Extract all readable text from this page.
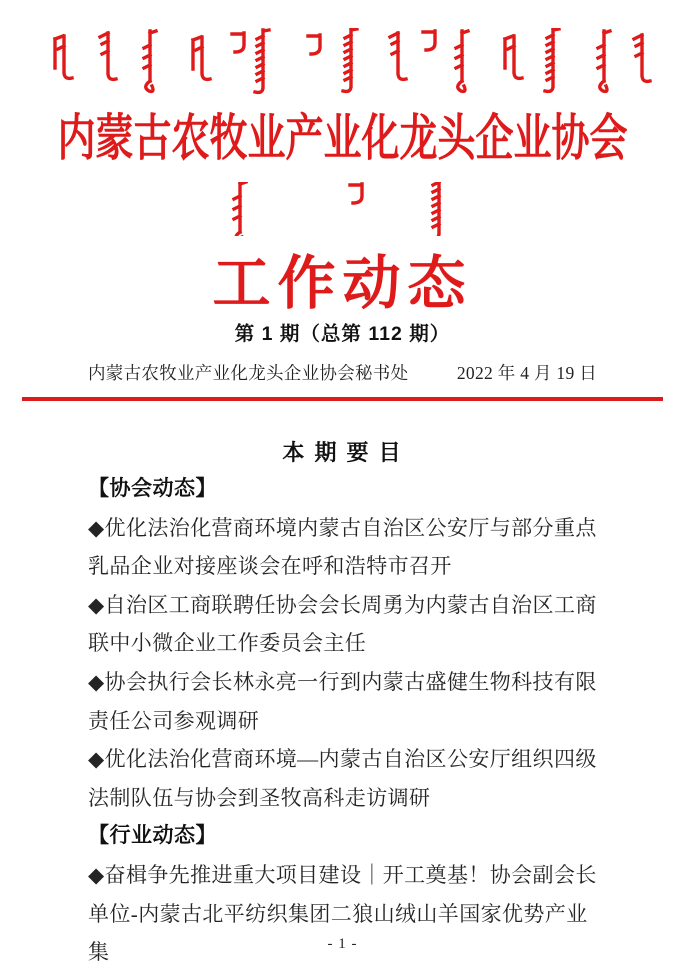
内蒙古农牧业产业化龙头企业协会
工作动态
第 1 期（总第 112 期）
内蒙古农牧业产业化龙头企业协会秘书处	2022 年 4 月 19 日
本 期 要 目
【协会动态】
◆优化法治化营商环境内蒙古自治区公安厅与部分重点乳品企业对接座谈会在呼和浩特市召开
◆自治区工商联聘任协会会长周勇为内蒙古自治区工商联中小微企业工作委员会主任
◆协会执行会长林永亮一行到内蒙古盛健生物科技有限责任公司参观调研
◆优化法治化营商环境—内蒙古自治区公安厅组织四级法制队伍与协会到圣牧高科走访调研
【行业动态】
◆奋楫争先推进重大项目建设｜开工奠基！协会副会长单位-内蒙古北平纺织集团二狼山绒山羊国家优势产业集	- 1 -
